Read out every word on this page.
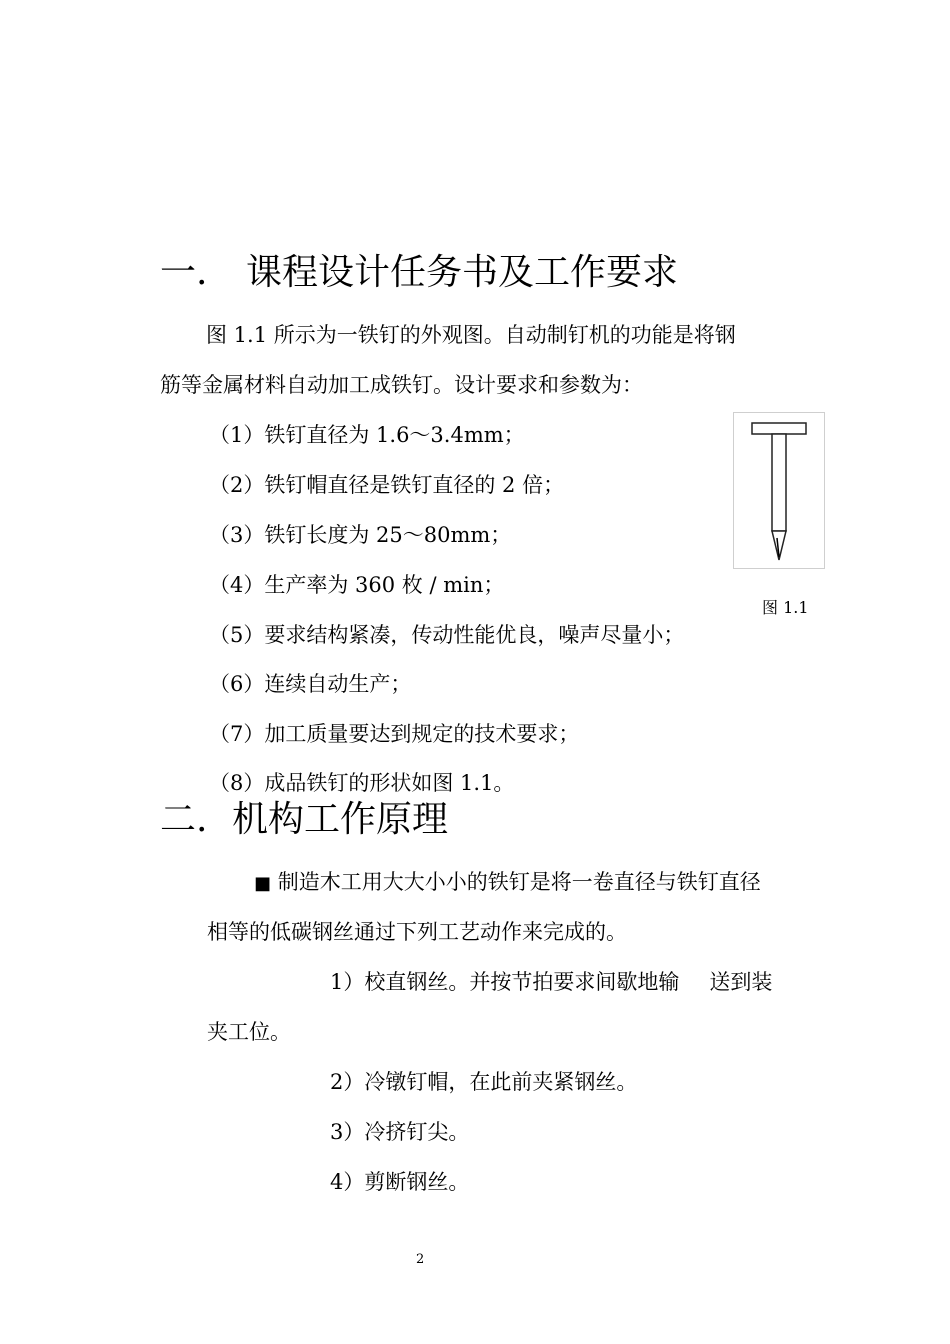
一. 课程设计任务书及工作要求
图 1.1 所示为一铁钉的外观图。自动制钉机的功能是将钢
筋等金属材料自动加工成铁钉。设计要求和参数为：
（1）铁钉直径为 1.6～3.4mm；
（2）铁钉帽直径是铁钉直径的 2 倍；
（3）铁钉长度为 25～80mm；
（4）生产率为 360 枚 / min；
（5）要求结构紧凑，传动性能优良，噪声尽量小；
（6）连续自动生产；
（7）加工质量要达到规定的技术要求；
（8）成品铁钉的形状如图 1.1。
图 1.1
二. 机构工作原理
■ 制造木工用大大小小的铁钉是将一卷直径与铁钉直径
相等的低碳钢丝通过下列工艺动作来完成的。
1）校直钢丝。并按节拍要求间歇地输 送到装
夹工位。
2）冷镦钉帽，在此前夹紧钢丝。
3）冷挤钉尖。
4）剪断钢丝。
2
